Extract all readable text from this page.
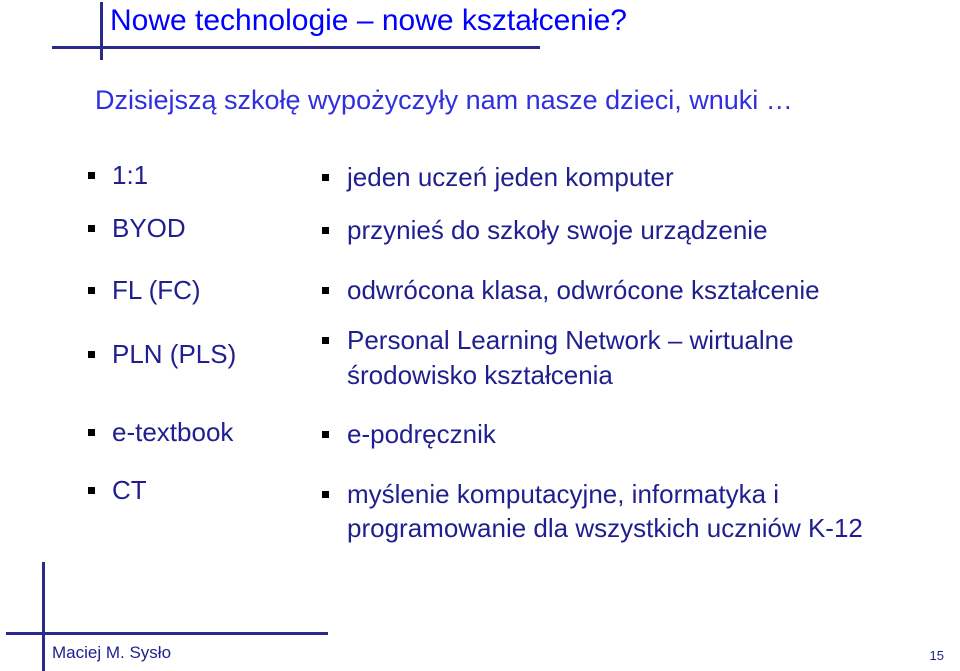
Nowe technologie – nowe kształcenie?
Dzisiejszą szkołę wypożyczyły nam nasze dzieci, wnuki …
1:1
BYOD
FL (FC)
PLN (PLS)
e-textbook
CT
jeden uczeń jeden komputer
przynieś do szkoły swoje urządzenie
odwrócona klasa, odwrócone kształcenie
Personal Learning Network – wirtualne
środowisko kształcenia
e-podręcznik
myślenie komputacyjne, informatyka i
programowanie dla wszystkich uczniów K-12
Maciej M. Sysło	15
